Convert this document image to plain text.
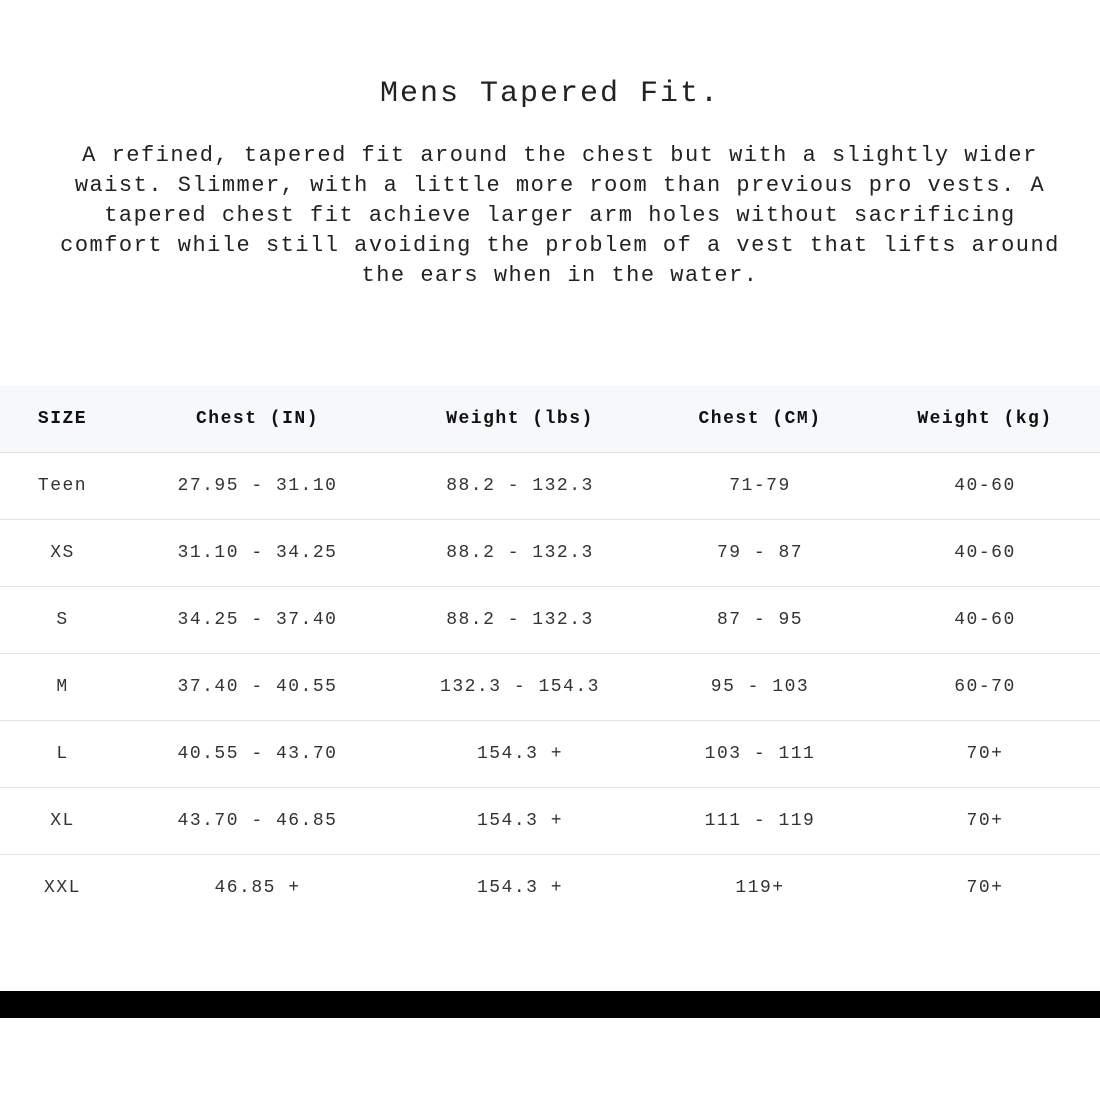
Mens Tapered Fit.

A refined, tapered fit around the chest but with a slightly wider waist. Slimmer, with a little more room than previous pro vests. A tapered chest fit achieve larger arm holes without sacrificing comfort while still avoiding the problem of a vest that lifts around the ears when in the water.

SIZE	Chest (IN)	Weight (lbs)	Chest (CM)	Weight (kg)
Teen	27.95 - 31.10	88.2 - 132.3	71-79	40-60
XS	31.10 - 34.25	88.2 - 132.3	79 - 87	40-60
S	34.25 - 37.40	88.2 - 132.3	87 - 95	40-60
M	37.40 - 40.55	132.3 - 154.3	95 - 103	60-70
L	40.55 - 43.70	154.3 +	103 - 111	70+
XL	43.70 - 46.85	154.3 +	111 - 119	70+
XXL	46.85 +	154.3 +	119+	70+
